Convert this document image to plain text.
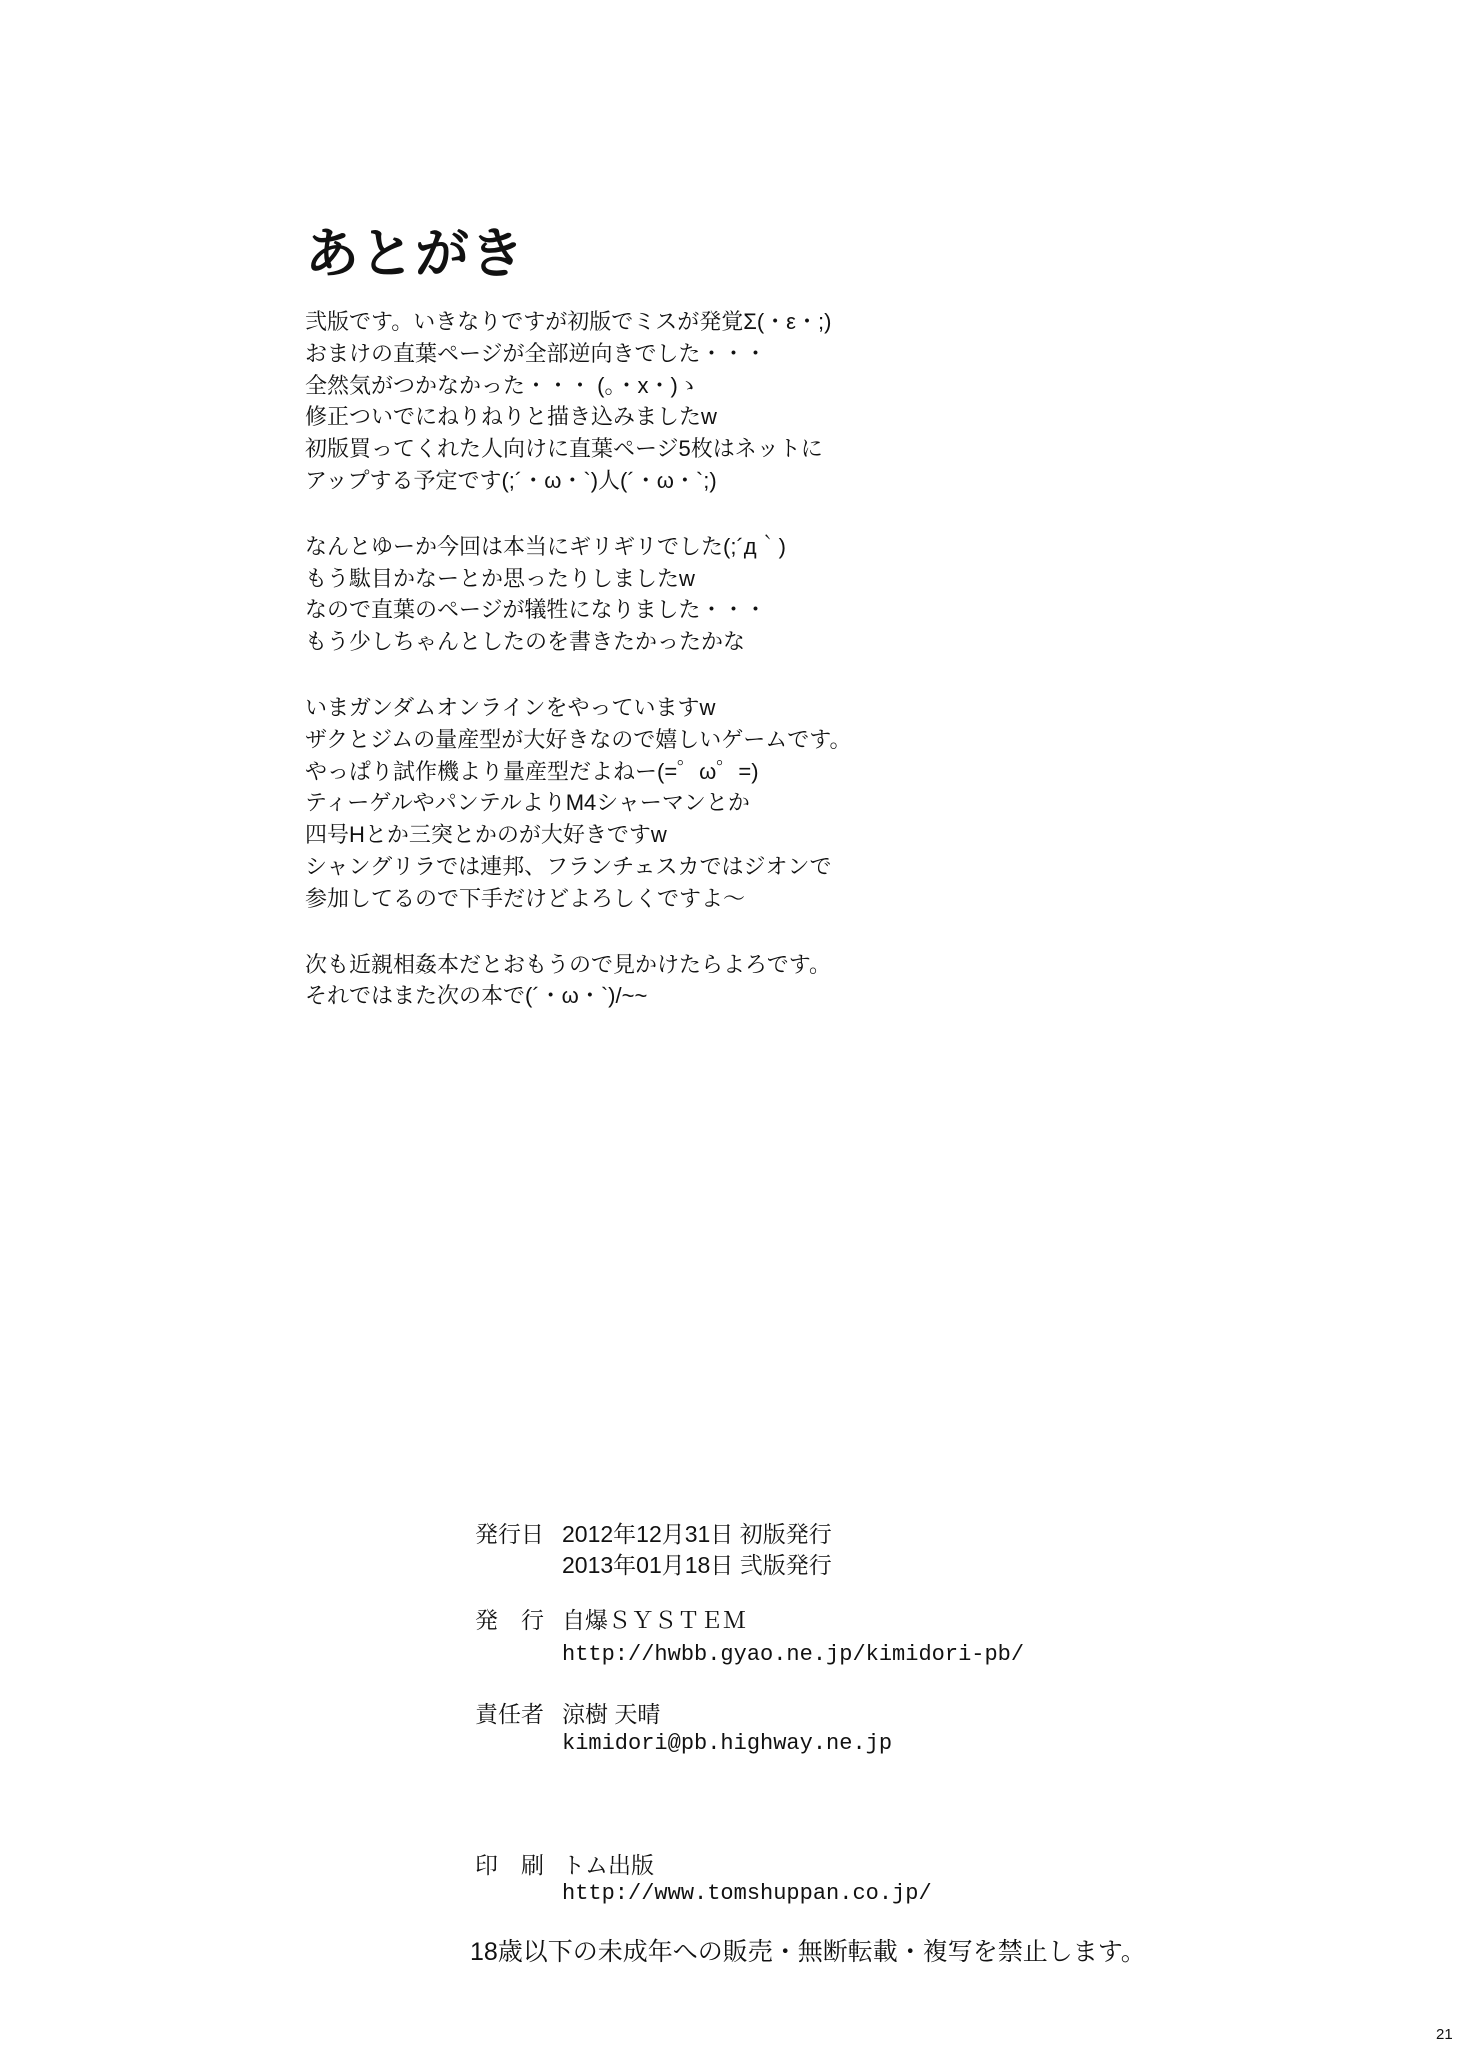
あとがき
弐版です。いきなりですが初版でミスが発覚Σ(・ε・;)
おまけの直葉ページが全部逆向きでした・・・
全然気がつかなかった・・・ (。・x・)ゝ
修正ついでにねりねりと描き込みましたw
初版買ってくれた人向けに直葉ページ5枚はネットに
アップする予定です(;´・ω・`)人(´・ω・`;)
なんとゆーか今回は本当にギリギリでした(;´д｀)
もう駄目かなーとか思ったりしましたw
なので直葉のページが犠牲になりました・・・
もう少しちゃんとしたのを書きたかったかな
いまガンダムオンラインをやっていますw
ザクとジムの量産型が大好きなので嬉しいゲームです。
やっぱり試作機より量産型だよねー(=゜ω゜=)
ティーゲルやパンテルよりM4シャーマンとか
四号Hとか三突とかのが大好きですw
シャングリラでは連邦、フランチェスカではジオンで
参加してるので下手だけどよろしくですよ～
次も近親相姦本だとおもうので見かけたらよろです。
それではまた次の本で(´・ω・`)/~~
発行日 2012年12月31日 初版発行
2013年01月18日 弐版発行
発　行 自爆ＳＹＳＴＥＭ
http://hwbb.gyao.ne.jp/kimidori-pb/
責任者 涼樹 天晴
kimidori@pb.highway.ne.jp
印　刷 トム出版
http://www.tomshuppan.co.jp/
18歳以下の未成年への販売・無断転載・複写を禁止します。
21
